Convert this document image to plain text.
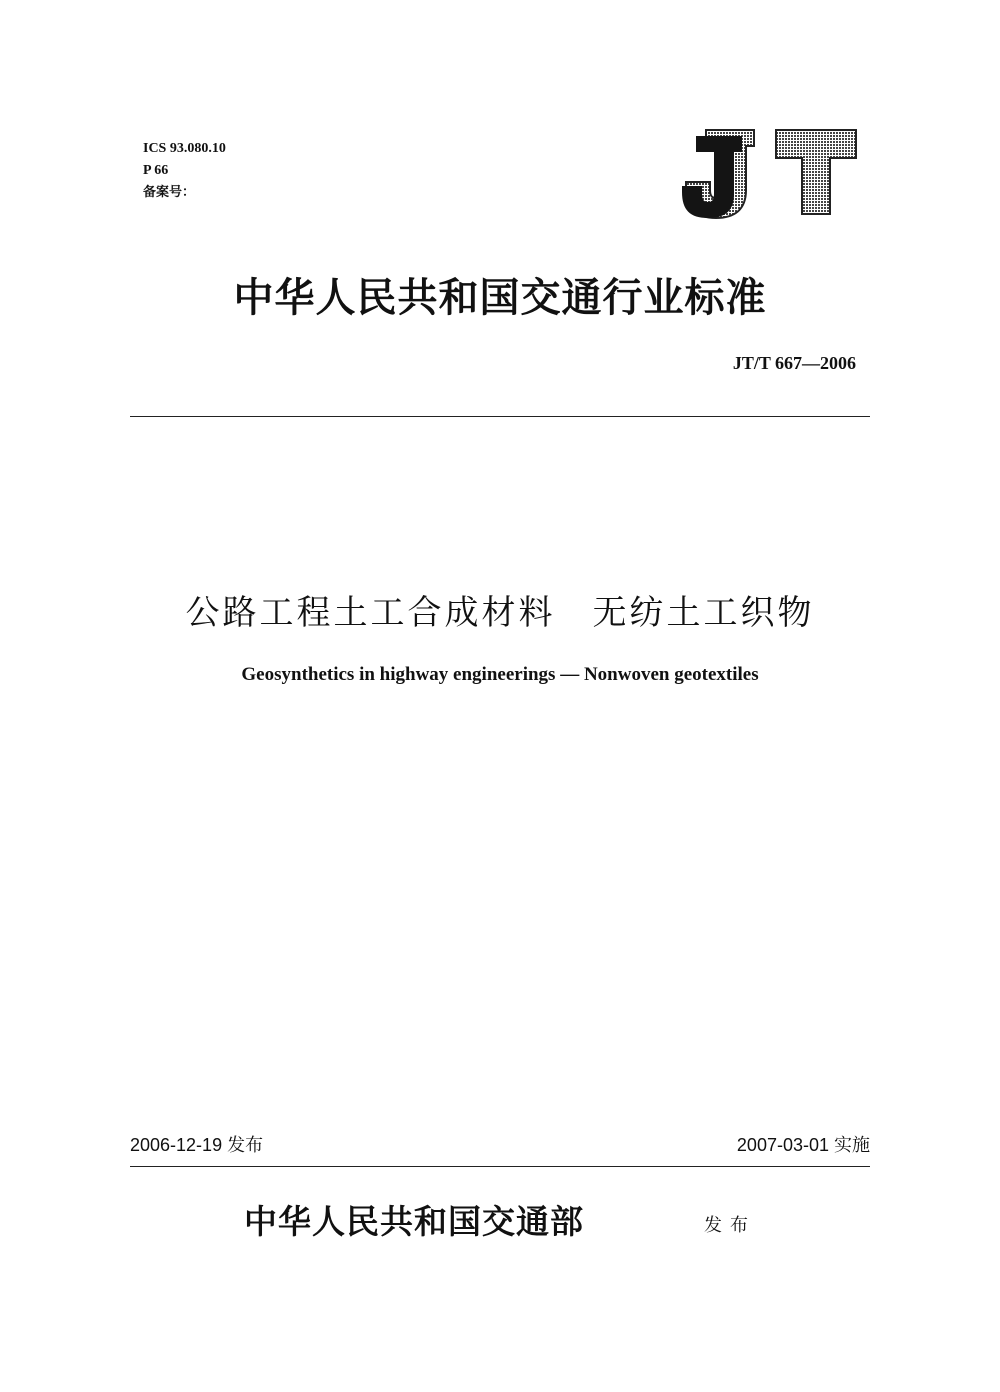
ICS 93.080.10
P 66
备案号：
中华人民共和国交通行业标准
JT/T 667—2006
公路工程土工合成材料　无纺土工织物
Geosynthetics in highway engineerings — Nonwoven geotextiles
2006-12-19 发布	2007-03-01 实施
中华人民共和国交通部	发布
